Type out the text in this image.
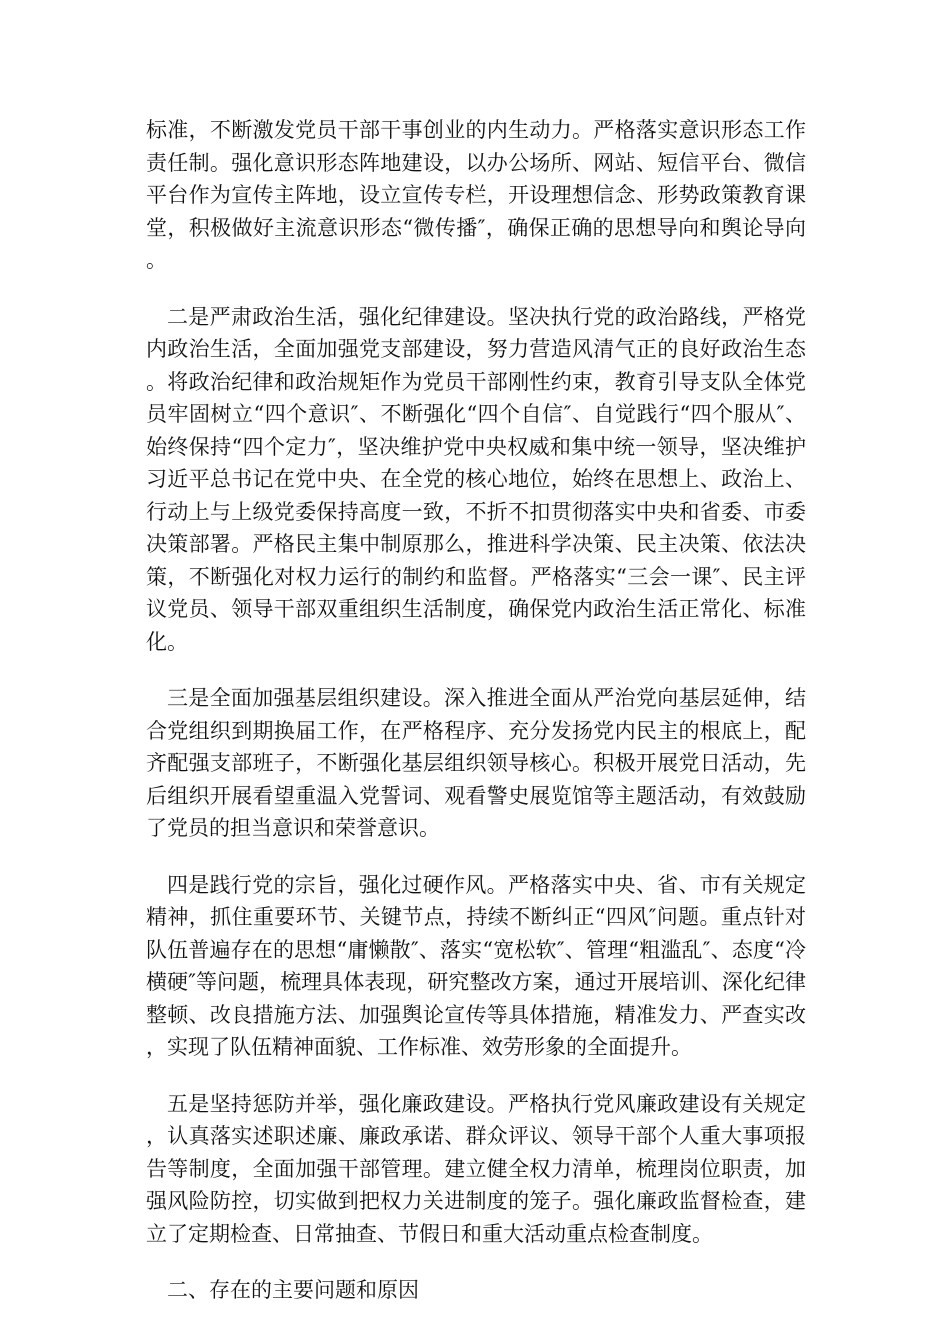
标准，不断激发党员干部干事创业的内生动力。严格落实意识形态工作责任制。强化意识形态阵地建设，以办公场所、网站、短信平台、微信平台作为宣传主阵地，设立宣传专栏，开设理想信念、形势政策教育课堂，积极做好主流意识形态“微传播″，确保正确的思想导向和舆论导向。

二是严肃政治生活，强化纪律建设。坚决执行党的政治路线，严格党内政治生活，全面加强党支部建设，努力营造风清气正的良好政治生态。将政治纪律和政治规矩作为党员干部刚性约束，教育引导支队全体党员牢固树立“四个意识″、不断强化“四个自信″、自觉践行“四个服从″、始终保持“四个定力″，坚决维护党中央权威和集中统一领导，坚决维护习近平总书记在党中央、在全党的核心地位，始终在思想上、政治上、行动上与上级党委保持高度一致，不折不扣贯彻落实中央和省委、市委决策部署。严格民主集中制原那么，推进科学决策、民主决策、依法决策，不断强化对权力运行的制约和监督。严格落实“三会一课″、民主评议党员、领导干部双重组织生活制度，确保党内政治生活正常化、标准化。

三是全面加强基层组织建设。深入推进全面从严治党向基层延伸，结合党组织到期换届工作，在严格程序、充分发扬党内民主的根底上，配齐配强支部班子，不断强化基层组织领导核心。积极开展党日活动，先后组织开展看望重温入党誓词、观看警史展览馆等主题活动，有效鼓励了党员的担当意识和荣誉意识。

四是践行党的宗旨，强化过硬作风。严格落实中央、省、市有关规定精神，抓住重要环节、关键节点，持续不断纠正“四风″问题。重点针对队伍普遍存在的思想“庸懒散″、落实“宽松软″、管理“粗滥乱″、态度“冷横硬″等问题，梳理具体表现，研究整改方案，通过开展培训、深化纪律整顿、改良措施方法、加强舆论宣传等具体措施，精准发力、严查实改，实现了队伍精神面貌、工作标准、效劳形象的全面提升。

五是坚持惩防并举，强化廉政建设。严格执行党风廉政建设有关规定，认真落实述职述廉、廉政承诺、群众评议、领导干部个人重大事项报告等制度，全面加强干部管理。建立健全权力清单，梳理岗位职责，加强风险防控，切实做到把权力关进制度的笼子。强化廉政监督检查，建立了定期检查、日常抽查、节假日和重大活动重点检查制度。

二、存在的主要问题和原因
